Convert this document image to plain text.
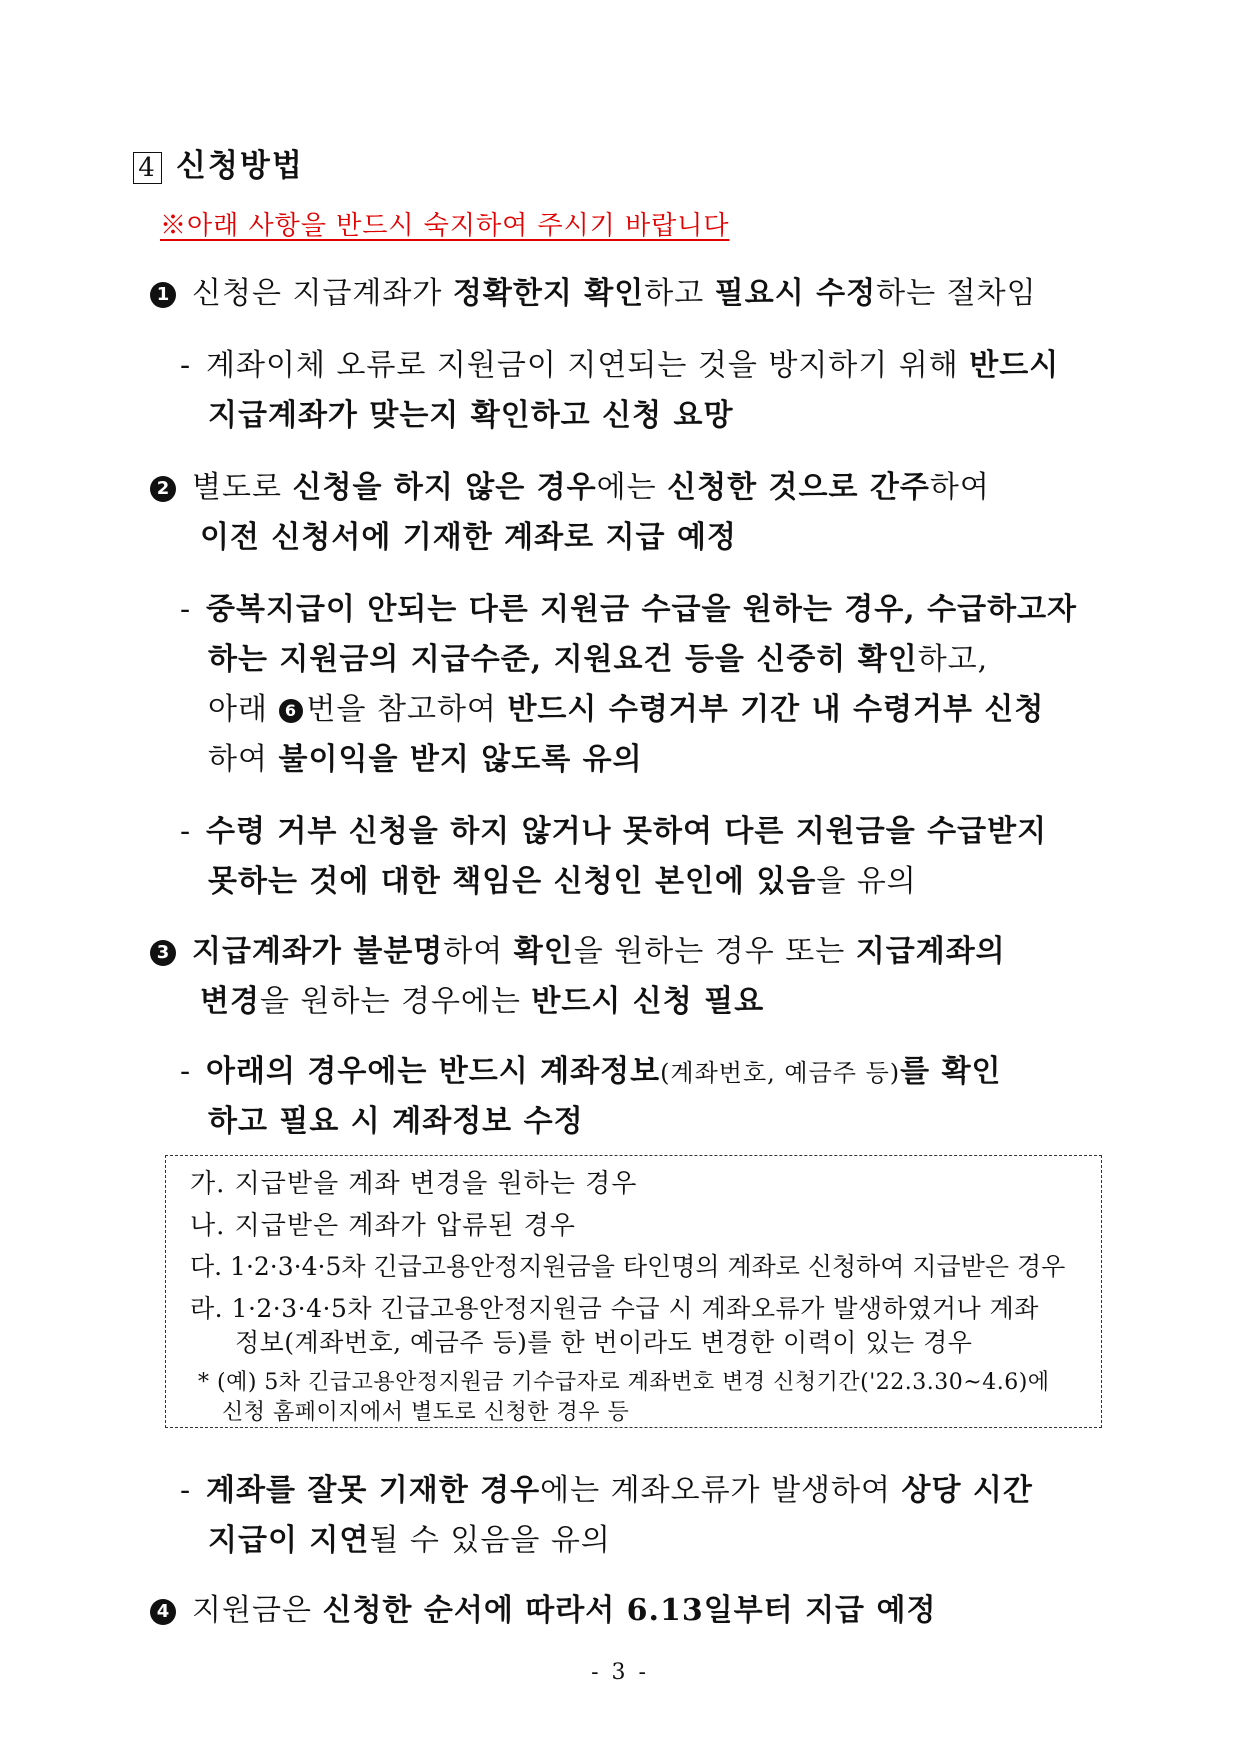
4 신청방법
※아래 사항을 반드시 숙지하여 주시기 바랍니다
1 신청은 지급계좌가 정확한지 확인하고 필요시 수정하는 절차임
- 계좌이체 오류로 지원금이 지연되는 것을 방지하기 위해 반드시
지급계좌가 맞는지 확인하고 신청 요망
2 별도로 신청을 하지 않은 경우에는 신청한 것으로 간주하여
이전 신청서에 기재한 계좌로 지급 예정
- 중복지급이 안되는 다른 지원금 수급을 원하는 경우, 수급하고자
하는 지원금의 지급수준, 지원요건 등을 신중히 확인하고,
아래 6 번을 참고하여 반드시 수령거부 기간 내 수령거부 신청
하여 불이익을 받지 않도록 유의
- 수령 거부 신청을 하지 않거나 못하여 다른 지원금을 수급받지
못하는 것에 대한 책임은 신청인 본인에 있음을 유의
3 지급계좌가 불분명하여 확인을 원하는 경우 또는 지급계좌의
변경을 원하는 경우에는 반드시 신청 필요
- 아래의 경우에는 반드시 계좌정보(계좌번호, 예금주 등)를 확인
하고 필요 시 계좌정보 수정
가. 지급받을 계좌 변경을 원하는 경우
나. 지급받은 계좌가 압류된 경우
다. 1·2·3·4·5차 긴급고용안정지원금을 타인명의 계좌로 신청하여 지급받은 경우
라. 1·2·3·4·5차 긴급고용안정지원금 수급 시 계좌오류가 발생하였거나 계좌
정보(계좌번호, 예금주 등)를 한 번이라도 변경한 이력이 있는 경우
* (예) 5차 긴급고용안정지원금 기수급자로 계좌번호 변경 신청기간('22.3.30~4.6)에
신청 홈페이지에서 별도로 신청한 경우 등
- 계좌를 잘못 기재한 경우에는 계좌오류가 발생하여 상당 시간
지급이 지연될 수 있음을 유의
4 지원금은 신청한 순서에 따라서 6.13일부터 지급 예정
- 3 -
